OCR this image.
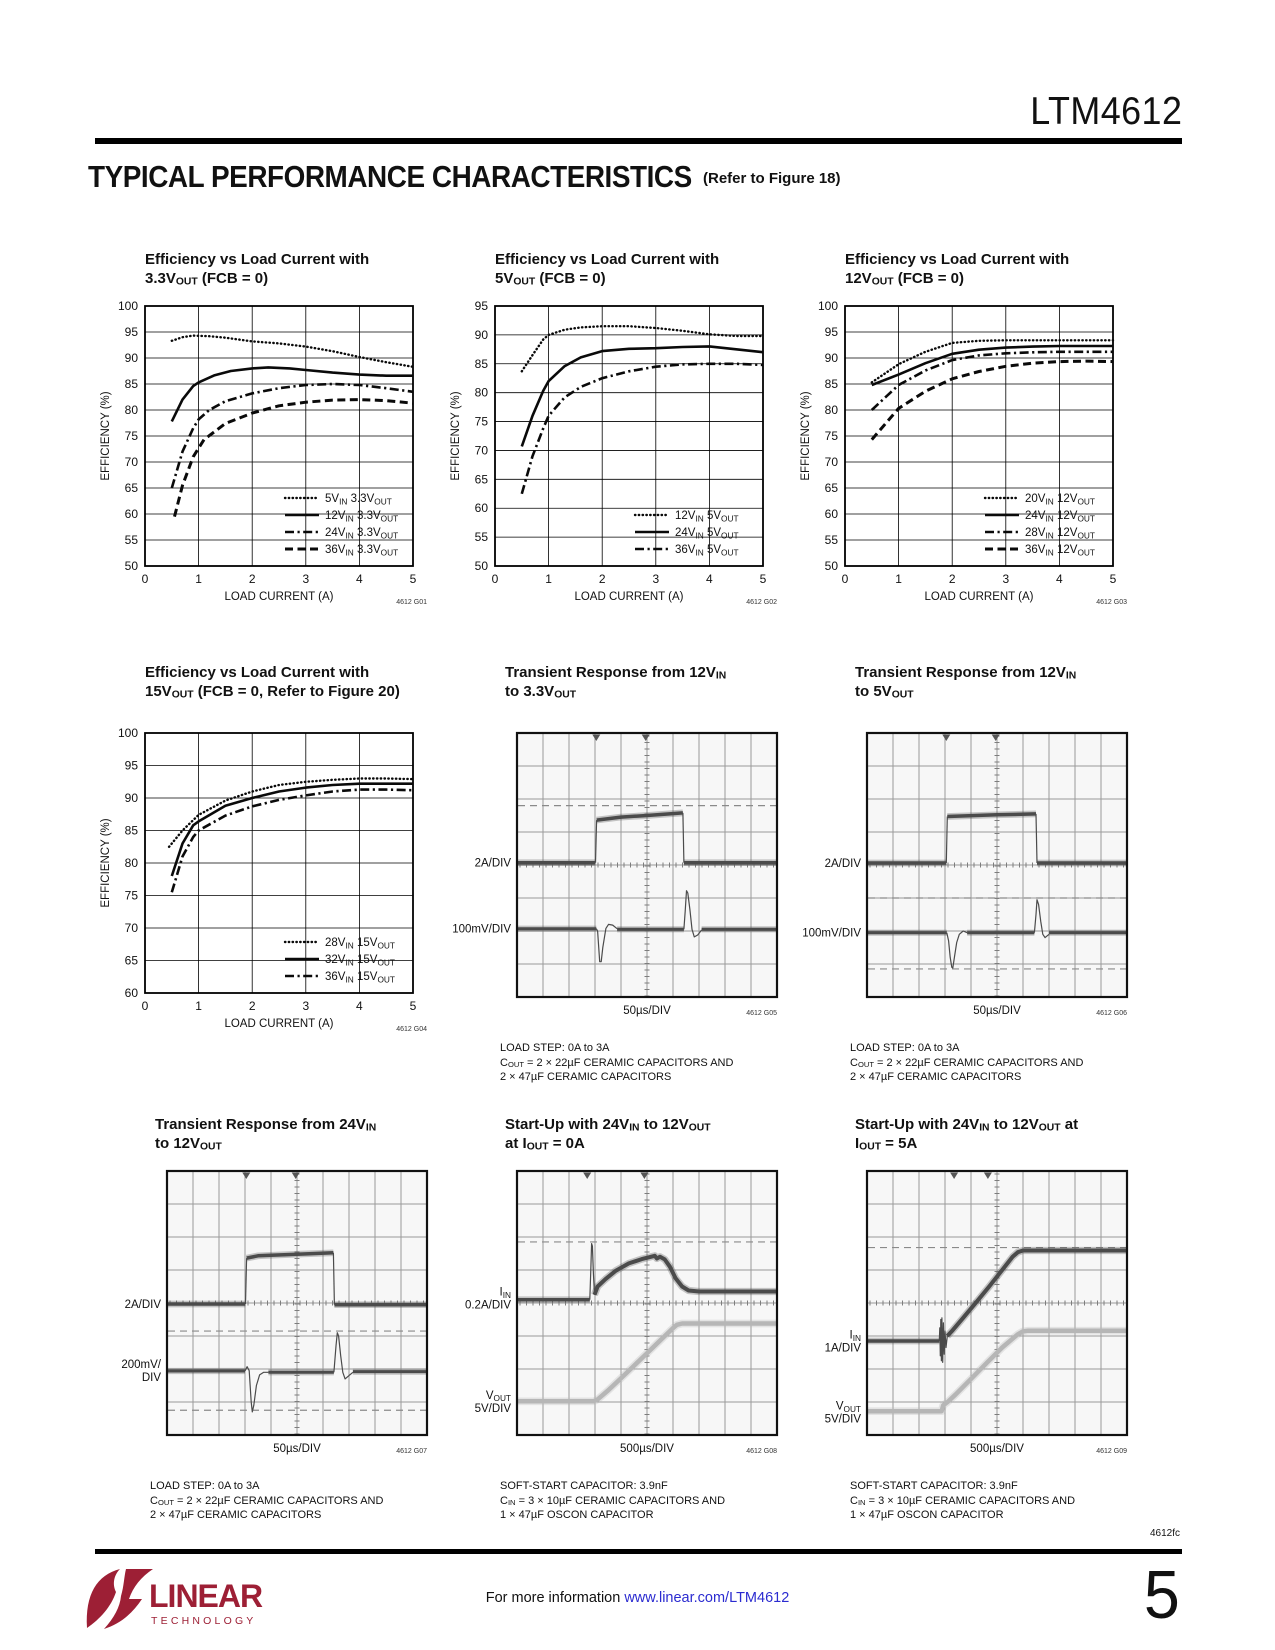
LTM4612
TYPICAL PERFORMANCE CHARACTERISTICS (Refer to Figure 18)
Efficiency vs Load Current with
$3.3V_{OUT}$ (FCB = 0)
0	1	2	3	4	5
50
55
60
65
70
75
80
85
90
95
100
EFFICIENCY (%)
LOAD CURRENT (A)	4612 G01
$5V_{IN}$ $3.3V_{OUT}$
$12V_{IN}$ $3.3V_{OUT}$
$24V_{IN}$ $3.3V_{OUT}$
$36V_{IN}$ $3.3V_{OUT}$
Efficiency vs Load Current with
$5V_{OUT}$ (FCB = 0)
0	1	2	3	4	5
50
55
60
65
70
75
80
85
90
95
EFFICIENCY (%)
LOAD CURRENT (A)	4612 G02
$12V_{IN}$ $5V_{OUT}$
$24V_{IN}$ $5V_{OUT}$
$36V_{IN}$ $5V_{OUT}$
Efficiency vs Load Current with
$12V_{OUT}$ (FCB = 0)
0	1	2	3	4	5
50
55
60
65
70
75
80
85
90
95
100
EFFICIENCY (%)
LOAD CURRENT (A)	4612 G03
$20V_{IN}$ $12V_{OUT}$
$24V_{IN}$ $12V_{OUT}$
$28V_{IN}$ $12V_{OUT}$
$36V_{IN}$ $12V_{OUT}$
Efficiency vs Load Current with
$15V_{OUT}$ (FCB = 0, Refer to Figure 20)
0	1	2	3	4	5
60
65
70
75
80
85
90
95
100
EFFICIENCY (%)
LOAD CURRENT (A)	4612 G04
$28V_{IN}$ $15V_{OUT}$
$32V_{IN}$ $15V_{OUT}$
$36V_{IN}$ $15V_{OUT}$
Transient Response from $12V_{IN}$
to $3.3V_{OUT}$
2A/DIV
100mV/DIV
50µs/DIV	4612 G05
LOAD STEP: 0A to 3A
$C_{OUT} = 2 \times 22\mu F$ CERAMIC CAPACITORS AND
2 × 47µF CERAMIC CAPACITORS
Transient Response from $12V_{IN}$
to $5V_{OUT}$
2A/DIV
100mV/DIV
50µs/DIV	4612 G06
LOAD STEP: 0A to 3A
$C_{OUT} = 2 \times 22\mu F$ CERAMIC CAPACITORS AND
2 × 47µF CERAMIC CAPACITORS
Transient Response from $24V_{IN}$
to $12V_{OUT}$
2A/DIV
200mV/
DIV
50µs/DIV	4612 G07
LOAD STEP: 0A to 3A
$C_{OUT} = 2 \times 22\mu F$ CERAMIC CAPACITORS AND
2 × 47µF CERAMIC CAPACITORS
Start-Up with $24V_{IN}$ to $12V_{OUT}$
at $I_{OUT} = 0A$
$I_{IN}$
0.2A/DIV
$V_{OUT}$
5V/DIV
500µs/DIV	4612 G08
SOFT-START CAPACITOR: 3.9nF
$C_{IN} = 3 \times 10\mu F$ CERAMIC CAPACITORS AND
1 × 47µF OSCON CAPACITOR
Start-Up with $24V_{IN}$ to $12V_{OUT}$ at
$I_{OUT} = 5A$
$I_{IN}$
1A/DIV
$V_{OUT}$
5V/DIV
500µs/DIV	4612 G09
SOFT-START CAPACITOR: 3.9nF
$C_{IN} = 3 \times 10\mu F$ CERAMIC CAPACITORS AND
1 × 47µF OSCON CAPACITOR
4612fc
LINEAR
TECHNOLOGY
For more information www.linear.com/LTM4612	5
